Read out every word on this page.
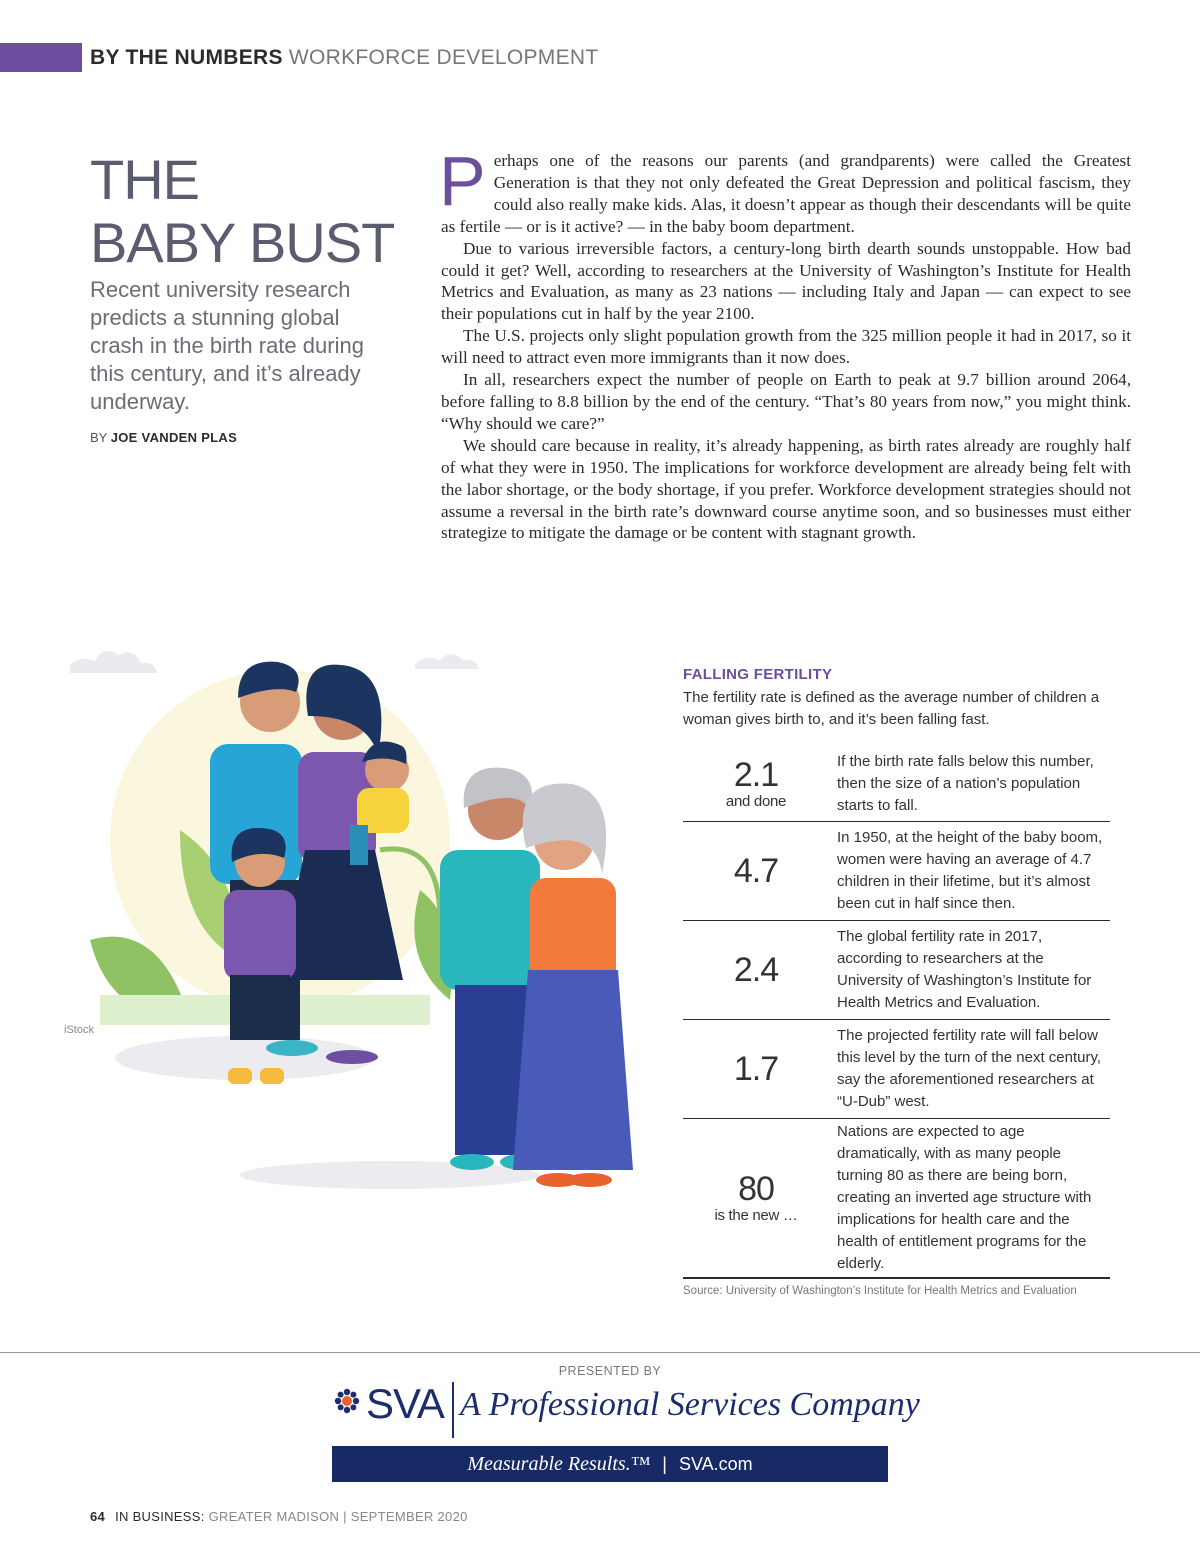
BY THE NUMBERS WORKFORCE DEVELOPMENT
THE
BABY BUST

Recent university research predicts a stunning global crash in the birth rate during this century, and it’s already underway.

BY JOE VANDEN PLAS

Perhaps one of the reasons our parents (and grandparents) were called the Greatest Generation is that they not only defeated the Great Depression and political fascism, they could also really make kids. Alas, it doesn’t appear as though their descendants will be quite as fertile — or is it active? — in the baby boom department.

Due to various irreversible factors, a century-long birth dearth sounds unstoppable. How bad could it get? Well, according to researchers at the University of Washington’s Institute for Health Metrics and Evaluation, as many as 23 nations — including Italy and Japan — can expect to see their populations cut in half by the year 2100.

The U.S. projects only slight population growth from the 325 million people it had in 2017, so it will need to attract even more immigrants than it now does.

In all, researchers expect the number of people on Earth to peak at 9.7 billion around 2064, before falling to 8.8 billion by the end of the century. “That’s 80 years from now,” you might think. “Why should we care?”

We should care because in reality, it’s already happening, as birth rates already are roughly half of what they were in 1950. The implications for workforce development are already being felt with the labor shortage, or the body shortage, if you prefer. Workforce development strategies should not assume a reversal in the birth rate’s downward course anytime soon, and so businesses must either strategize to mitigate the damage or be content with stagnant growth.

iStock
FALLING FERTILITY

The fertility rate is defined as the average number of children a woman gives birth to, and it’s been falling fast.

2.1
and done
If the birth rate falls below this number, then the size of a nation’s population starts to fall.
4.7
In 1950, at the height of the baby boom, women were having an average of 4.7 children in their lifetime, but it’s almost been cut in half since then.
2.4
The global fertility rate in 2017, according to researchers at the University of Washington’s Institute for Health Metrics and Evaluation.
1.7
The projected fertility rate will fall below this level by the turn of the next century, say the aforementioned researchers at “U-Dub” west.
80
is the new …
Nations are expected to age dramatically, with as many people turning 80 as there are being born, creating an inverted age structure with implications for health care and the health of entitlement programs for the elderly.
Source: University of Washington’s Institute for Health Metrics and Evaluation
PRESENTED BY
SVA A Professional Services Company
Measurable Results.™ | SVA.com
64 IN BUSINESS: GREATER MADISON | SEPTEMBER 2020
